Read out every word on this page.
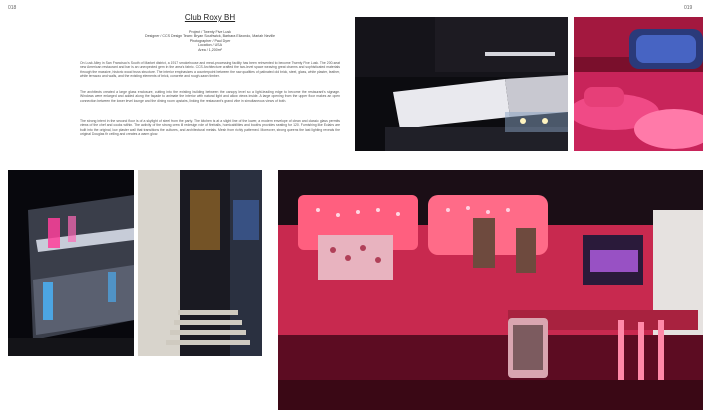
018	019
Club Roxy BH
Project / Twenty Five Lusk
Designer / CCS Design Team: Bryan Southwick, Barbara Elizondo, Mariah Neville
Photographer / Paul Dyer
Location / USA
Area / 1,200m²
On Lusk Alley in San Francisco's South of Market district, a 1917 smokehouse and meat-processing facility has been reinvented to become Twenty Five Lusk. The 200-seat new American restaurant and bar is an unexpected gem in the area's fabric. CCS Architecture crafted the two-level space weaving great charms and sophisticated materials through the massive, historic wood truss structure. The interior emphasizes a counterpoint between the raw qualities of patinated old brick, steel, glass, white plaster, leather, white terrazzo and walls, and the existing elements of brick, concrete and rough-sawn timber.
The architects created a large glass enclosure, cutting into the existing building between the canopy level so a light-leading edge to become the restaurant's signage. Windows were enlarged and added along the façade to animate the interior with natural light and allow views inside. A large opening from the upper floor makes an open connection between the lower level lounge and the dining room upstairs, linking the restaurant's grand vibe in simultaneous views of both.
The strong intent in the second floor is of a skylight of steel from the party. The kitchen is at a slight line of the lower, a modern envelope of clean and classic glass permits views of the chef and cooks within. The activity of the strong crew ill redesign role of fireballs, homicabilities and booths provides seating for 120. Furnishing like Eclairs are built into the original, low plaster wall that transitions the cultures, and architectural metals. Mesh from richly patterned. Moreover, strong queens the last lighting reveals the original Douglas fir ceiling and creates a warm glow.
